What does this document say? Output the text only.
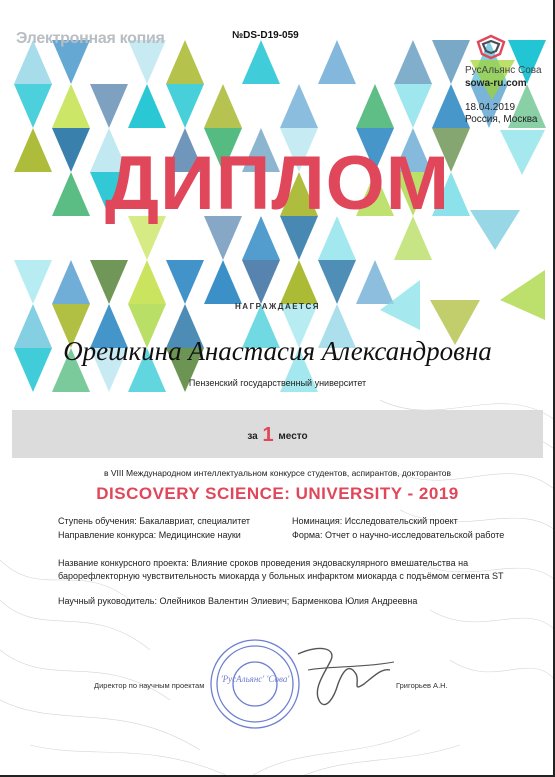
Электронная копия	№DS-D19-059
РусАльянс Сова
sowa-ru.com
18.04.2019
Россия, Москва
ДИПЛОМ
НАГРАЖДАЕТСЯ
Орешкина Анастасия Александровна
Пензенский государственный университет
за 1 место
в VIII Международном интеллектуальном конкурсе студентов, аспирантов, докторантов
DISCOVERY SCIENCE: UNIVERSITY - 2019
Ступень обучения: Бакалавриат, специалитет	Номинация: Исследовательский проект
Направление конкурса: Медицинские науки	Форма: Отчет о научно-исследовательской работе
Название конкурсного проекта: Влияние сроков проведения эндоваскулярного вмешательства на
барорефлекторную чувствительность миокарда у больных инфарктом миокарда с подъёмом сегмента ST
Научный руководитель: Олейников Валентин Элиевич; Барменкова Юлия Андреевна
'РусАльянс' 'Сова'
Директор по научным проектам	Григорьев А.Н.
